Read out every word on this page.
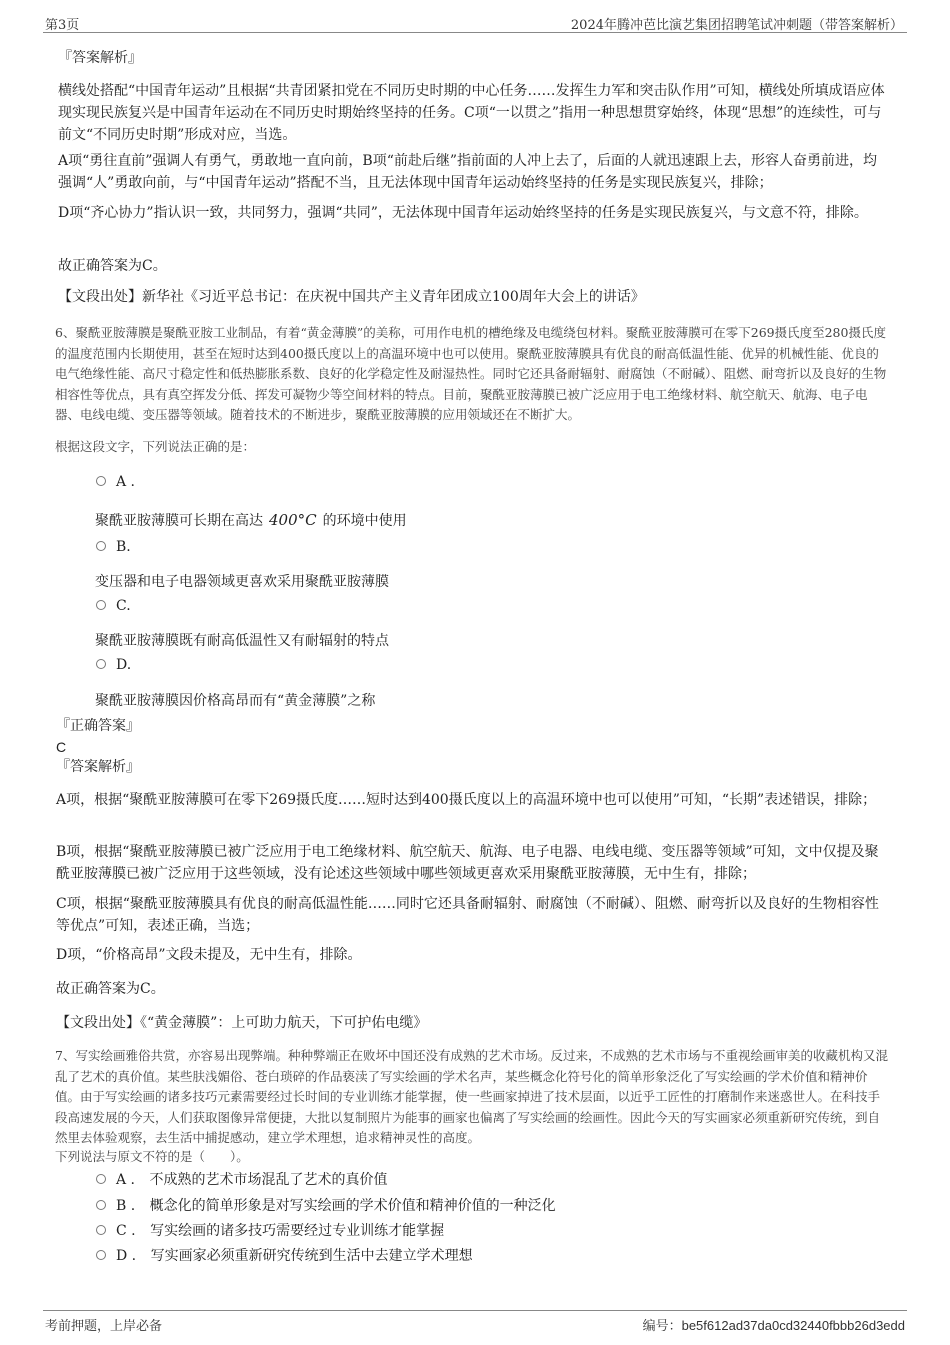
第3页	2024年腾冲芭比演艺集团招聘笔试冲刺题（带答案解析）
『答案解析』
横线处搭配“中国青年运动”且根据“共青团紧扣党在不同历史时期的中心任务……发挥生力军和突击队作用”可知，横线处所填成语应体现实现民族复兴是中国青年运动在不同历史时期始终坚持的任务。C项“一以贯之”指用一种思想贯穿始终，体现“思想”的连续性，可与前文“不同历史时期”形成对应，当选。
A项“勇往直前”强调人有勇气，勇敢地一直向前，B项“前赴后继”指前面的人冲上去了，后面的人就迅速跟上去，形容人奋勇前进，均强调“人”勇敢向前，与“中国青年运动”搭配不当，且无法体现中国青年运动始终坚持的任务是实现民族复兴，排除；
D项“齐心协力”指认识一致，共同努力，强调“共同”，无法体现中国青年运动始终坚持的任务是实现民族复兴，与文意不符，排除。
故正确答案为C。
【文段出处】新华社《习近平总书记：在庆祝中国共产主义青年团成立100周年大会上的讲话》
6、聚酰亚胺薄膜是聚酰亚胺工业制品，有着“黄金薄膜”的美称，可用作电机的槽绝缘及电缆绕包材料。聚酰亚胺薄膜可在零下269摄氏度至280摄氏度的温度范围内长期使用，甚至在短时达到400摄氏度以上的高温环境中也可以使用。聚酰亚胺薄膜具有优良的耐高低温性能、优异的机械性能、优良的电气绝缘性能、高尺寸稳定性和低热膨胀系数、良好的化学稳定性及耐湿热性。同时它还具备耐辐射、耐腐蚀（不耐碱）、阻燃、耐弯折以及良好的生物相容性等优点，具有真空挥发分低、挥发可凝物少等空间材料的特点。目前，聚酰亚胺薄膜已被广泛应用于电工绝缘材料、航空航天、航海、电子电器、电线电缆、变压器等领域。随着技术的不断进步，聚酰亚胺薄膜的应用领域还在不断扩大。
根据这段文字，下列说法正确的是：
A .
聚酰亚胺薄膜可长期在高达 400°C 的环境中使用
B.
变压器和电子电器领域更喜欢采用聚酰亚胺薄膜
C.
聚酰亚胺薄膜既有耐高低温性又有耐辐射的特点
D.
聚酰亚胺薄膜因价格高昂而有“黄金薄膜”之称
『正确答案』
C
『答案解析』
A项，根据“聚酰亚胺薄膜可在零下269摄氏度……短时达到400摄氏度以上的高温环境中也可以使用”可知，“长期”表述错误，排除；
B项，根据“聚酰亚胺薄膜已被广泛应用于电工绝缘材料、航空航天、航海、电子电器、电线电缆、变压器等领域”可知，文中仅提及聚酰亚胺薄膜已被广泛应用于这些领域，没有论述这些领域中哪些领域更喜欢采用聚酰亚胺薄膜，无中生有，排除；
C项，根据“聚酰亚胺薄膜具有优良的耐高低温性能……同时它还具备耐辐射、耐腐蚀（不耐碱）、阻燃、耐弯折以及良好的生物相容性等优点”可知，表述正确，当选；
D项，“价格高昂”文段未提及，无中生有，排除。
故正确答案为C。
【文段出处】《“黄金薄膜”：上可助力航天，下可护佑电缆》
7、写实绘画雅俗共赏，亦容易出现弊端。种种弊端正在败坏中国还没有成熟的艺术市场。反过来，不成熟的艺术市场与不重视绘画审美的收藏机构又混乱了艺术的真价值。某些肤浅媚俗、苍白琐碎的作品亵渎了写实绘画的学术名声，某些概念化符号化的简单形象泛化了写实绘画的学术价值和精神价值。由于写实绘画的诸多技巧元素需要经过长时间的专业训练才能掌握，使一些画家掉进了技术层面，以近乎工匠性的打磨制作来迷惑世人。在科技手段高速发展的今天，人们获取图像异常便捷，大批以复制照片为能事的画家也偏离了写实绘画的绘画性。因此今天的写实画家必须重新研究传统，到自然里去体验观察，去生活中捕捉感动，建立学术理想，追求精神灵性的高度。
下列说法与原文不符的是（　　）。
A . 不成熟的艺术市场混乱了艺术的真价值
B . 概念化的简单形象是对写实绘画的学术价值和精神价值的一种泛化
C . 写实绘画的诸多技巧需要经过专业训练才能掌握
D . 写实画家必须重新研究传统到生活中去建立学术理想
考前押题，上岸必备	编号：be5f612ad37da0cd32440fbbb26d3edd
